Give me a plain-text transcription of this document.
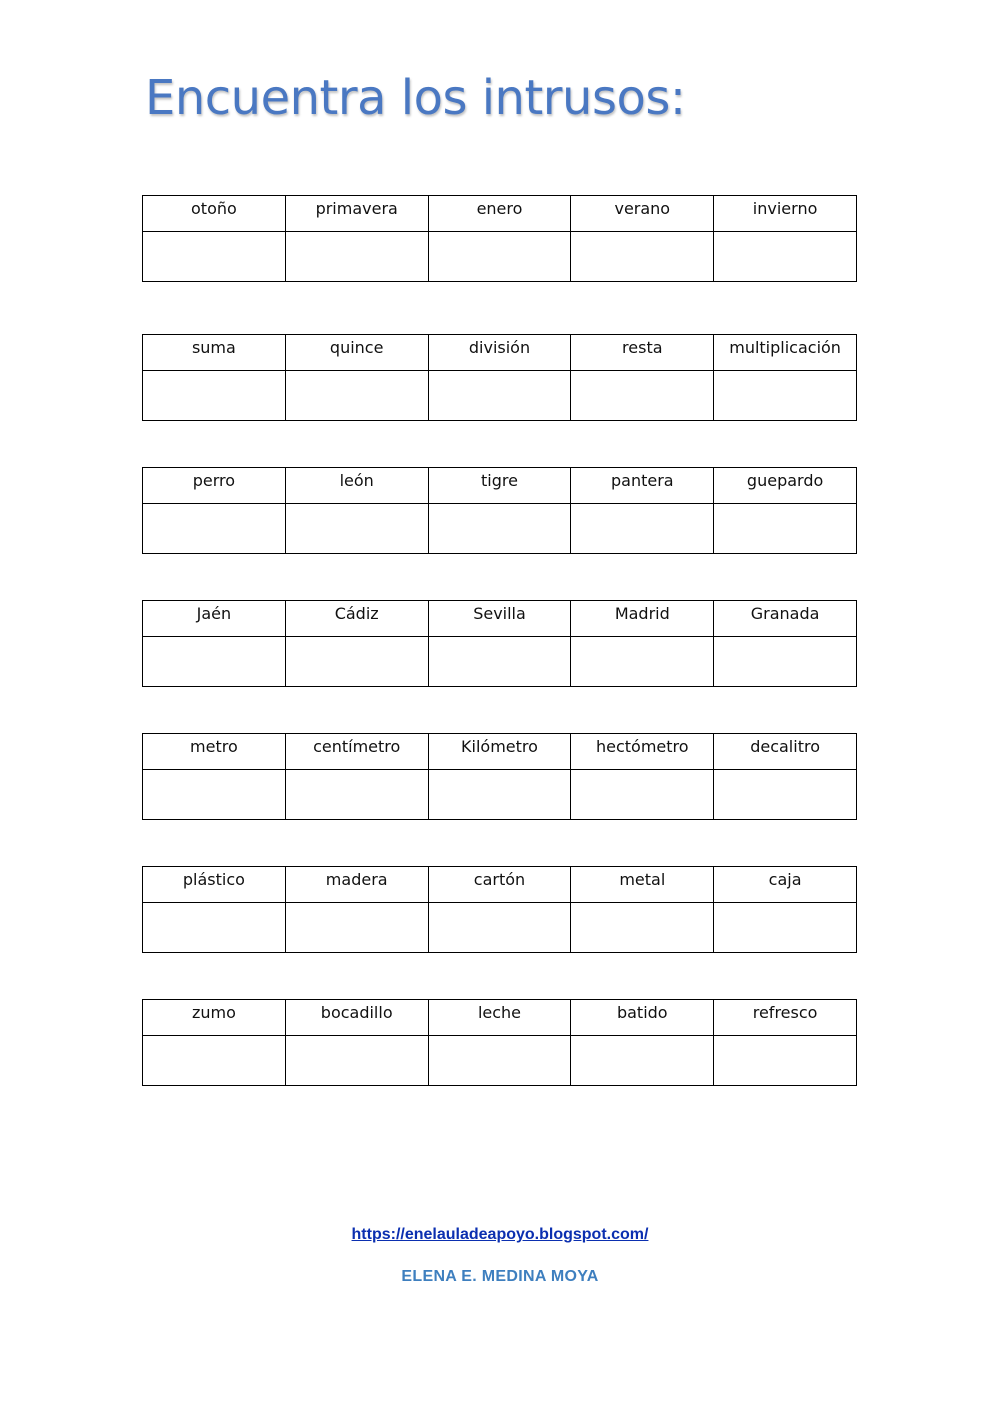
Encuentra los intrusos:
otoño	primavera	enero	verano	invierno

suma	quince	división	resta	multiplicación

perro	león	tigre	pantera	guepardo

Jaén	Cádiz	Sevilla	Madrid	Granada

metro	centímetro	Kilómetro	hectómetro	decalitro

plástico	madera	cartón	metal	caja

zumo	bocadillo	leche	batido	refresco

https://enelauladeapoyo.blogspot.com/
ELENA E. MEDINA MOYA
